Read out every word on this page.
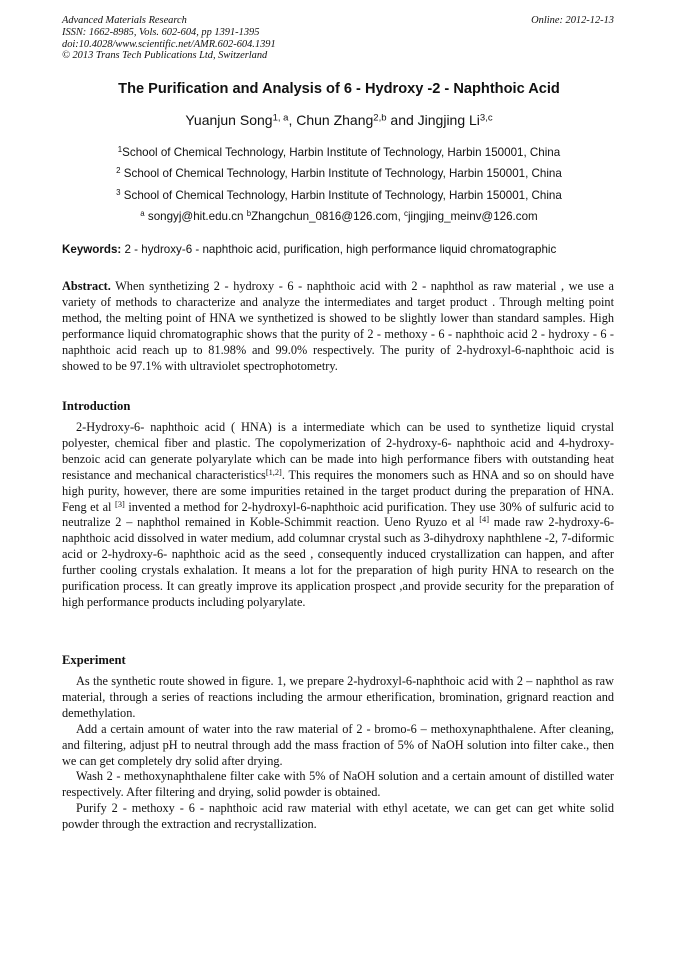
Advanced Materials Research
ISSN: 1662-8985, Vols. 602-604, pp 1391-1395
doi:10.4028/www.scientific.net/AMR.602-604.1391
© 2013 Trans Tech Publications Ltd, Switzerland
Online: 2012-12-13
The Purification and Analysis of 6 - Hydroxy -2 - Naphthoic Acid
Yuanjun Song$^{1, a}$, Chun Zhang$^{2,b}$ and Jingjing Li$^{3,c}$
$^1$School of Chemical Technology, Harbin Institute of Technology, Harbin 150001, China
$^2$ School of Chemical Technology, Harbin Institute of Technology, Harbin 150001, China
$^3$ School of Chemical Technology, Harbin Institute of Technology, Harbin 150001, China
$^a$ songyj@hit.edu.cn $^b$Zhangchun_0816@126.com, $^c$jingjing_meinv@126.com
Keywords: 2 - hydroxy-6 - naphthoic acid, purification, high performance liquid chromatographic

Abstract. When synthetizing 2 - hydroxy - 6 - naphthoic acid with 2 - naphthol as raw material , we use a variety of methods to characterize and analyze the intermediates and target product . Through melting point method, the melting point of HNA we synthetized is showed to be slightly lower than standard samples. High performance liquid chromatographic shows that the purity of 2 - methoxy - 6 - naphthoic acid 2 - hydroxy - 6 - naphthoic acid reach up to 81.98% and 99.0% respectively. The purity of 2-hydroxyl-6-naphthoic acid is showed to be 97.1% with ultraviolet spectrophotometry.

Introduction

2-Hydroxy-6- naphthoic acid ( HNA) is a intermediate which can be used to synthetize liquid crystal polyester, chemical fiber and plastic. The copolymerization of 2-hydroxy-6- naphthoic acid and 4-hydroxy-benzoic acid can generate polyarylate which can be made into high performance fibers with outstanding heat resistance and mechanical characteristics[1,2]. This requires the monomers such as HNA and so on should have high purity, however, there are some impurities retained in the target product during the preparation of HNA. Feng et al [3] invented a method for 2-hydroxyl-6-naphthoic acid purification. They use 30% of sulfuric acid to neutralize 2 – naphthol remained in Koble-Schimmit reaction. Ueno Ryuzo et al [4] made raw 2-hydroxy-6- naphthoic acid dissolved in water medium, add columnar crystal such as 3-dihydroxy naphthlene -2, 7-diformic acid or 2-hydroxy-6- naphthoic acid as the seed , consequently induced crystallization can happen, and after further cooling crystals exhalation. It means a lot for the preparation of high purity HNA to research on the purification process. It can greatly improve its application prospect ,and provide security for the preparation of high performance products including polyarylate.

Experiment

As the synthetic route showed in figure. 1, we prepare 2-hydroxyl-6-naphthoic acid with 2 – naphthol as raw material, through a series of reactions including the armour etherification, bromination, grignard reaction and demethylation.

Add a certain amount of water into the raw material of 2 - bromo-6 – methoxynaphthalene. After cleaning, and filtering, adjust pH to neutral through add the mass fraction of 5% of NaOH solution into filter cake., then we can get completely dry solid after drying.

Wash 2 - methoxynaphthalene filter cake with 5% of NaOH solution and a certain amount of distilled water respectively. After filtering and drying, solid powder is obtained.

Purify 2 - methoxy - 6 - naphthoic acid raw material with ethyl acetate, we can get can get white solid powder through the extraction and recrystallization.
